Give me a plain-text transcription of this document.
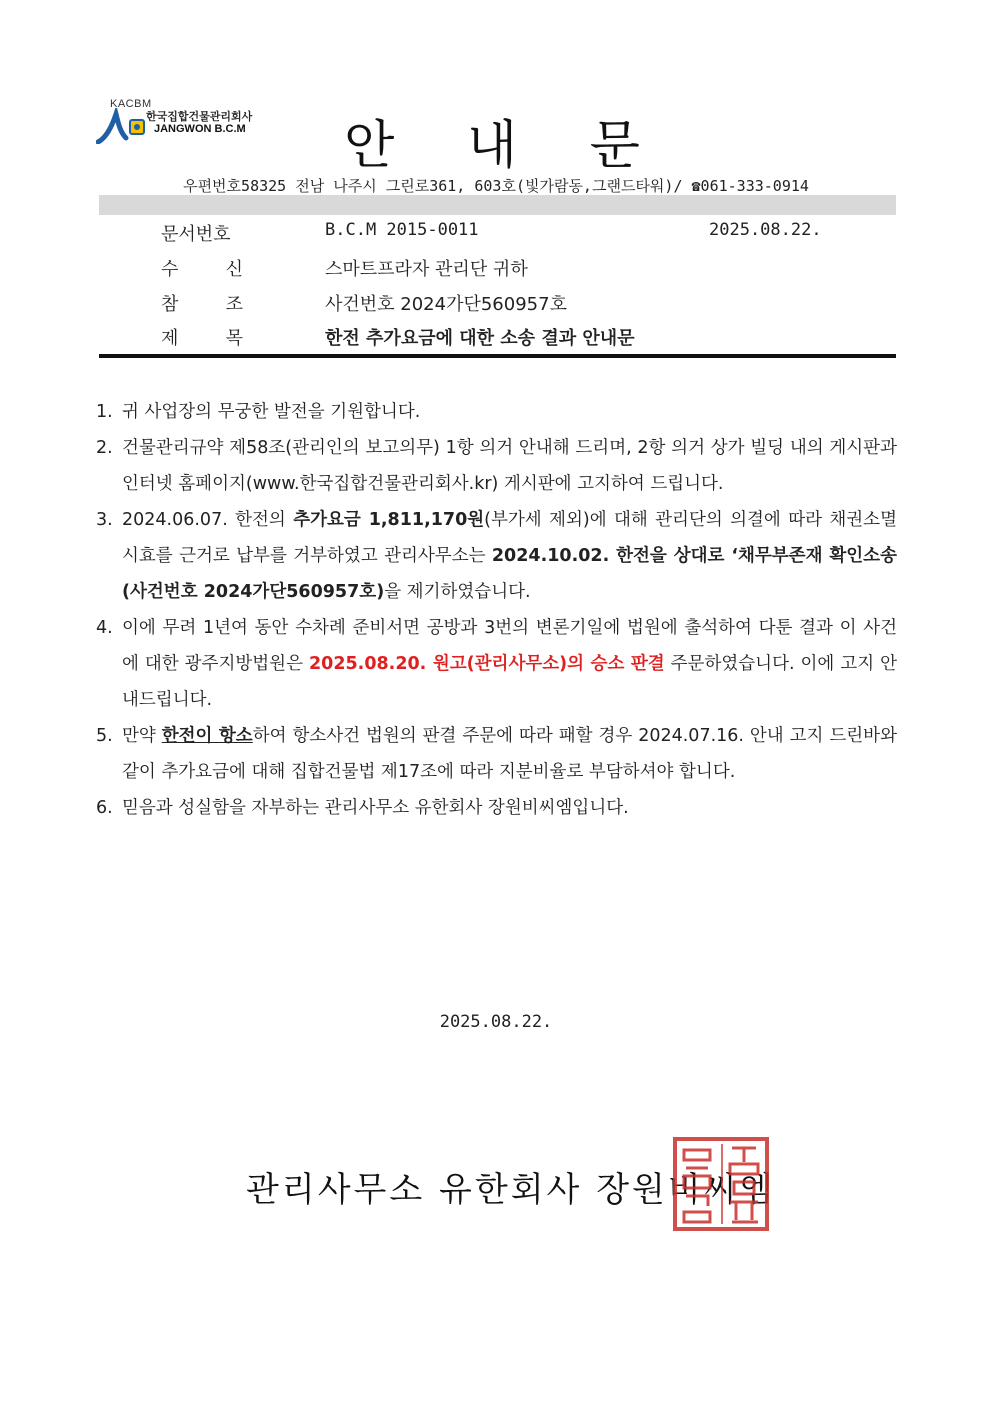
KACBM
한국집합건물관리회사
JANGWON B.C.M	안 내 문
우편번호58325 전남 나주시 그린로361, 603호(빛가람동,그랜드타워)/ ☎061-333-0914
문서번호	B.C.M 2015-0011	2025.08.22.
수	신	스마트프라자 관리단 귀하
참	조	사건번호 2024가단560957호
제	목	한전 추가요금에 대한 소송 결과 안내문
1. 귀 사업장의 무궁한 발전을 기원합니다.

2. 건물관리규약 제58조(관리인의 보고의무) 1항 의거 안내해 드리며, 2항 의거 상가 빌딩 내의 게시판과 인터넷 홈페이지(www.한국집합건물관리회사.kr) 게시판에 고지하여 드립니다.

3. 2024.06.07. 한전의 추가요금 1,811,170원(부가세 제외)에 대해 관리단의 의결에 따라 채권소멸시효를 근거로 납부를 거부하였고 관리사무소는 2024.10.02. 한전을 상대로 ‘채무부존재 확인소송(사건번호 2024가단560957호)을 제기하였습니다.

4. 이에 무려 1년여 동안 수차례 준비서면 공방과 3번의 변론기일에 법원에 출석하여 다툰 결과 이 사건에 대한 광주지방법원은 2025.08.20. 원고(관리사무소)의 승소 판결 주문하였습니다. 이에 고지 안내드립니다.

5. 만약 한전이 항소하여 항소사건 법원의 판결 주문에 따라 패할 경우 2024.07.16. 안내 고지 드린바와 같이 추가요금에 대해 집합건물법 제17조에 따라 지분비율로 부담하셔야 합니다.

6. 믿음과 성실함을 자부하는 관리사무소 유한회사 장원비씨엠입니다.

2025.08.22.
관리사무소 유한회사 장원비씨엠
